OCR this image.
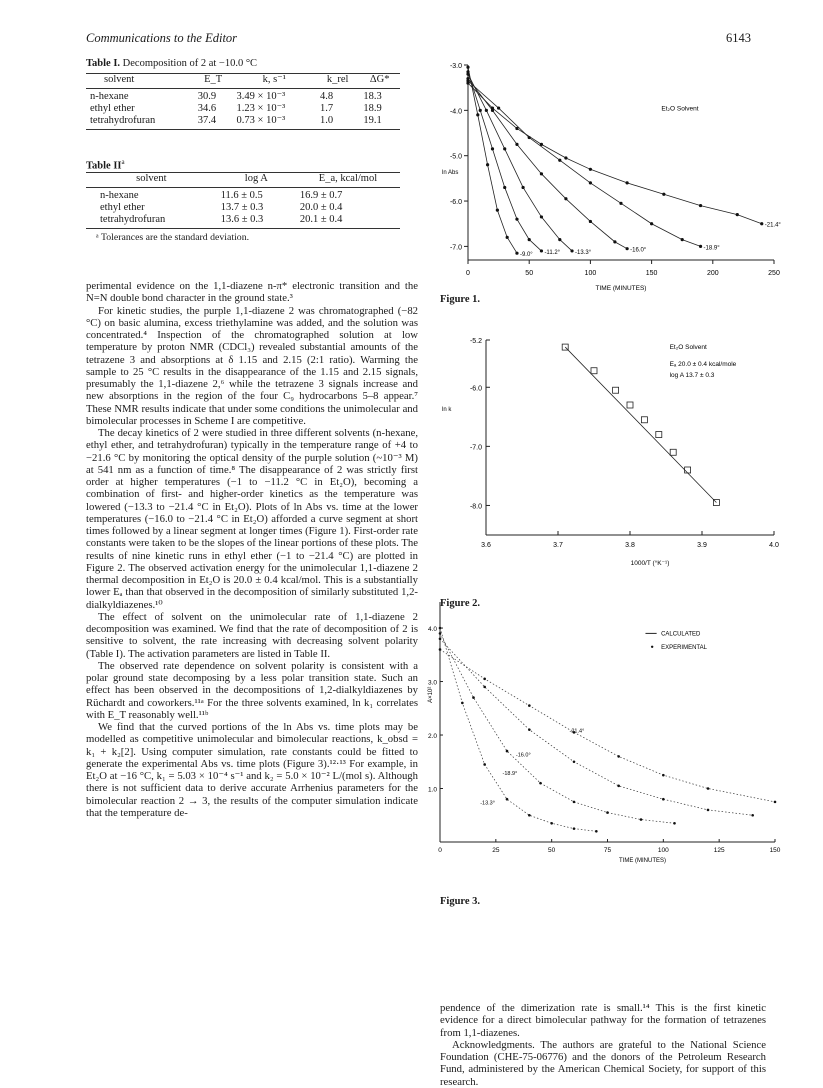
Communications to the Editor	6143
Table I. Decomposition of 2 at −10.0 °C
solvent	E_T	k, s⁻¹	k_rel	ΔG*

n-hexane	30.9	3.49 × 10⁻³	4.8	18.3
ethyl ether	34.6	1.23 × 10⁻³	1.7	18.9
tetrahydrofuran	37.4	0.73 × 10⁻³	1.0	19.1
Table $II^a$
solvent	log A	E_a, kcal/mol

n-hexane	11.6 ± 0.5	16.9 ± 0.7
ethyl ether	13.7 ± 0.3	20.0 ± 0.4
tetrahydrofuran	13.6 ± 0.3	20.1 ± 0.4
ᵃ Tolerances are the standard deviation.

perimental evidence on the 1,1-diazene n-π* electronic transition and the N=N double bond character in the ground state.³

For kinetic studies, the purple 1,1-diazene 2 was chromatographed (−82 °C) on basic alumina, excess triethylamine was added, and the solution was concentrated.⁴ Inspection of the chromatographed solution at low temperature by proton NMR (CDCl₃) revealed substantial amounts of the tetrazene 3 and absorptions at δ 1.15 and 2.15 (2:1 ratio). Warming the sample to 25 °C results in the disappearance of the 1.15 and 2.15 signals, presumably the 1,1-diazene 2,⁶ while the tetrazene 3 signals increase and new absorptions in the region of the four C₉ hydrocarbons 5–8 appear.⁷ These NMR results indicate that under some conditions the unimolecular and bimolecular processes in Scheme I are competitive.

The decay kinetics of 2 were studied in three different solvents (n-hexane, ethyl ether, and tetrahydrofuran) typically in the temperature range of +4 to −21.6 °C by monitoring the optical density of the purple solution (~10⁻³ M) at 541 nm as a function of time.⁸ The disappearance of 2 was strictly first order at higher temperatures (−1 to −11.2 °C in Et₂O), becoming a combination of first- and higher-order kinetics as the temperature was lowered (−13.3 to −21.4 °C in Et₂O). Plots of ln Abs vs. time at the lower temperatures (−16.0 to −21.4 °C in Et₂O) afforded a curve segment at short times followed by a linear segment at longer times (Figure 1). First-order rate constants were taken to be the slopes of the linear portions of these plots. The results of nine kinetic runs in ethyl ether (−1 to −21.4 °C) are plotted in Figure 2. The observed activation energy for the unimolecular 1,1-diazene 2 thermal decomposition in Et₂O is 20.0 ± 0.4 kcal/mol. This is a substantially lower Eₐ than that observed in the decomposition of similarly substituted 1,2-dialkyldiazenes.¹⁰

The effect of solvent on the unimolecular rate of 1,1-diazene 2 decomposition was examined. We find that the rate of decomposition of 2 is sensitive to solvent, the rate increasing with decreasing solvent polarity (Table I). The activation parameters are listed in Table II.

The observed rate dependence on solvent polarity is consistent with a polar ground state decomposing by a less polar transition state. Such an effect has been observed in the decompositions of 1,2-dialkyldiazenes by Rüchardt and coworkers.¹¹ᵃ For the three solvents examined, ln k₁ correlates with E_T reasonably well.¹¹ᵇ

We find that the curved portions of the ln Abs vs. time plots may be modelled as competitive unimolecular and bimolecular reactions, k_obsd = k₁ + k₂[2]. Using computer simulation, rate constants could be fitted to generate the experimental Abs vs. time plots (Figure 3).¹²·¹³ For example, in Et₂O at −16 °C, k₁ = 5.03 × 10⁻⁴ s⁻¹ and k₂ = 5.0 × 10⁻² L/(mol s). Although there is not sufficient data to derive accurate Arrhenius parameters for the bimolecular reaction 2 → 3, the results of the computer simulation indicate that the temperature de-

pendence of the dimerization rate is small.¹⁴ This is the first kinetic evidence for a direct bimolecular pathway for the formation of tetrazenes from 1,1-diazenes.

Acknowledgments. The authors are grateful to the National Science Foundation (CHE-75-06776) and the donors of the Petroleum Research Fund, administered by the American Chemical Society, for support of this research.

0	50	100	150	200	250
-3.0
-4.0
-5.0
-6.0
-7.0
ln Abs
TIME (MINUTES)
Et₂O Solvent
-9.0° -11.2° -13.3°	-16.0°	-18.9°
-21.4°
Figure 1.
3.6	3.7	3.8	3.9	4.0
-5.2
-6.0
-7.0
-8.0
ln k
1000/T (°K⁻¹)
Et₂O Solvent
Eₐ 20.0 ± 0.4 kcal/mole
log A 13.7 ± 0.3
Figure 2.
0	25	50	75	100	125	150
1.0
2.0
3.0
4.0
A×10²
TIME (MINUTES)
CALCULATED
EXPERIMENTAL
-13.3°
-16.0°
-18.9°
-21.4°
Figure 3.
